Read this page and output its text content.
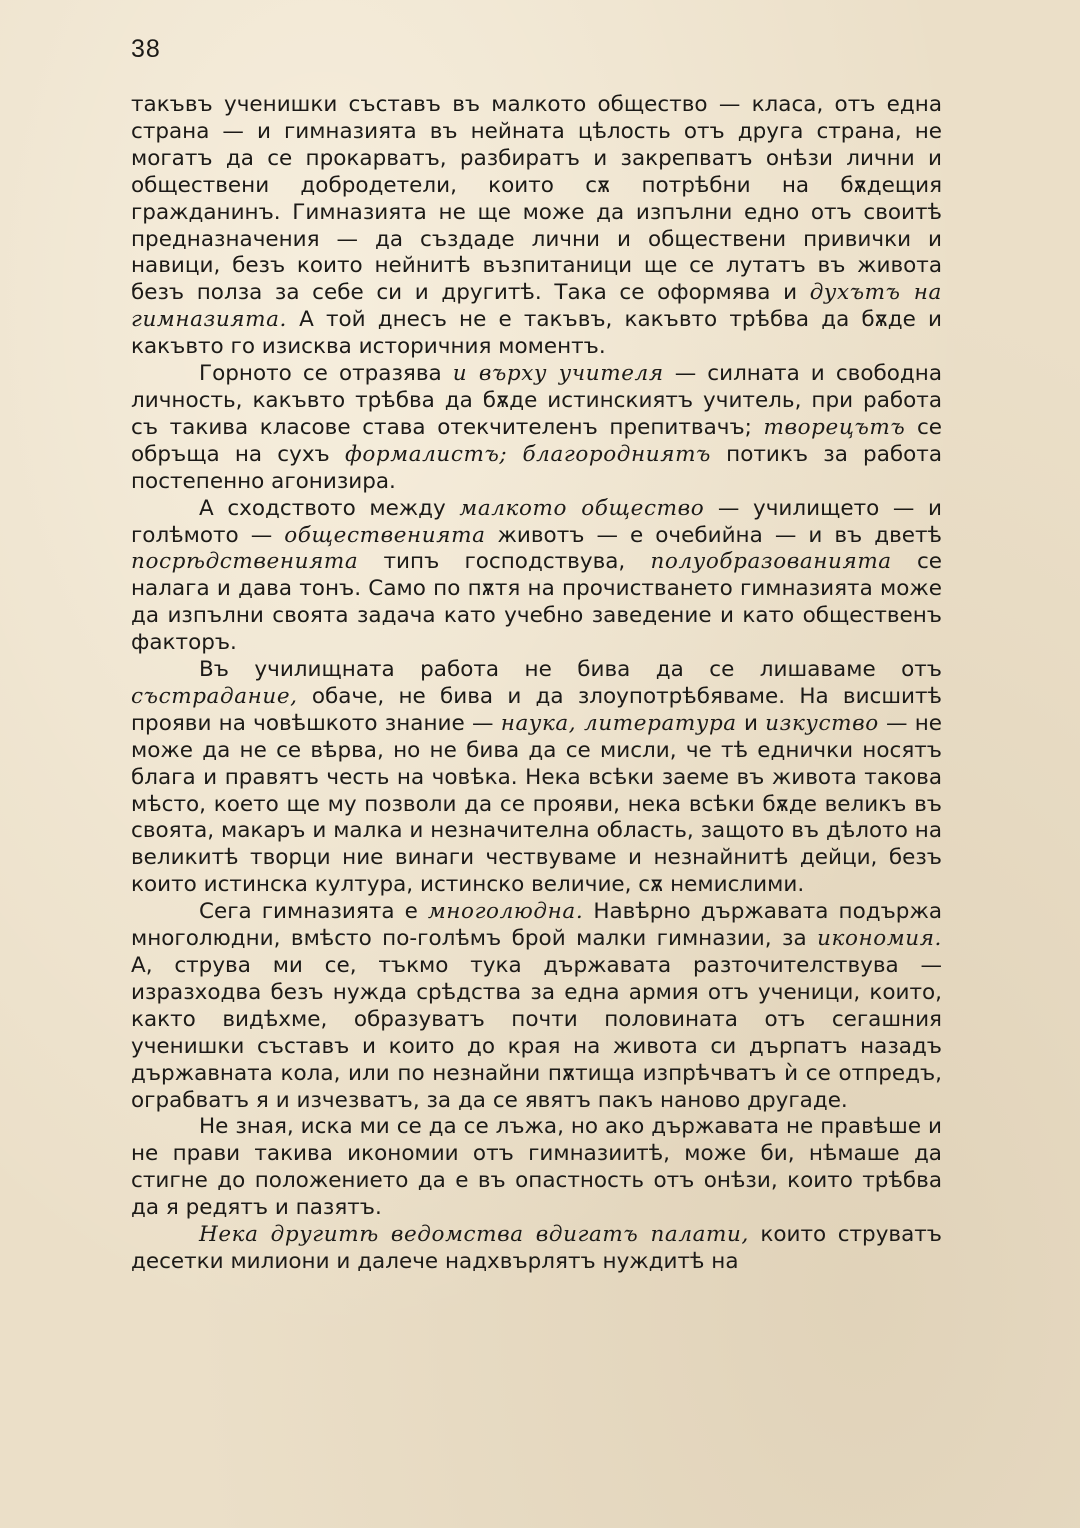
38

такъвъ ученишки съставъ въ малкото обществo — класа, отъ една страна — и гимназията въ нейната цѣлость отъ друга страна, не могатъ да се прокарватъ, разбиратъ и закрепватъ онѣзи лични и обществени добродетели, които сѫ потрѣбни на бѫдещия гражданинъ. Гимназията не ще може да изпълни едно отъ своитѣ предназначения — да създаде лични и обществени привички и навици, безъ които нейнитѣ възпитаници ще се лутатъ въ живота безъ полза за себе си и другитѣ. Така се оформява и духътъ на гимназията. А той днесъ не е такъвъ, какъвто трѣбва да бѫде и какъвто го изисква историчния моментъ.

Горното се отразява и върху учителя — силната и свободна личность, какъвто трѣбва да бѫде истинскиятъ учитель, при работа съ такива класове става отекчителенъ препитвачъ; творецътъ се обръща на сухъ формалистъ; благородниятъ потикъ за работа постепенно агонизира.

А сходството между малкото общество — училището — и голѣмото — общественията животъ — е очебийна — и въ дветѣ посрѣдственията типъ господствува, полуобразованията се налага и дава тонъ. Само по пѫтя на прочистването гимназията може да изпълни своята задача като учебно заведение и като общественъ факторъ.

Въ училищната работа не бива да се лишаваме отъ състрадание, обаче, не бива и да злоупотрѣбяваме. На висшитѣ прояви на човѣшкото знание — наука, литература и изкуство — не може да не се вѣрва, но не бива да се мисли, че тѣ еднички носятъ блага и правятъ честь на човѣка. Нека всѣки заеме въ живота такова мѣсто, което ще му позволи да се прояви, нека всѣки бѫде великъ въ своята, макаръ и малка и незначителна область, защото въ дѣлото на великитѣ творци ние винаги чествуваме и незнайнитѣ дейци, безъ които истинска култура, истинско величие, сѫ немислими.

Сега гимназията е многолюдна. Навѣрно държавата подържа многолюдни, вмѣсто по-голѣмъ брой малки гимназии, за икономия. А, струва ми се, тъкмо тука държавата разточителствува — изразходва безъ нужда срѣдства за една армия отъ ученици, които, както видѣхме, образуватъ почти половината отъ сегашния ученишки съставъ и които до края на живота си дърпатъ назадъ държавната кола, или по незнайни пѫтища изпрѣчватъ ѝ се отпредъ, ограбватъ я и изчезватъ, за да се явятъ пакъ наново другаде.

Не зная, иска ми се да се лъжа, но ако държавата не правѣше и не прави такива икономии отъ гимназиитѣ, може би, нѣмаше да стигне до положението да е въ опастность отъ онѣзи, които трѣбва да я редятъ и пазятъ.

Нека другитѣ ведомства вдигатъ палати, които струватъ десетки милиони и далече надхвърлятъ нуждитѣ на
